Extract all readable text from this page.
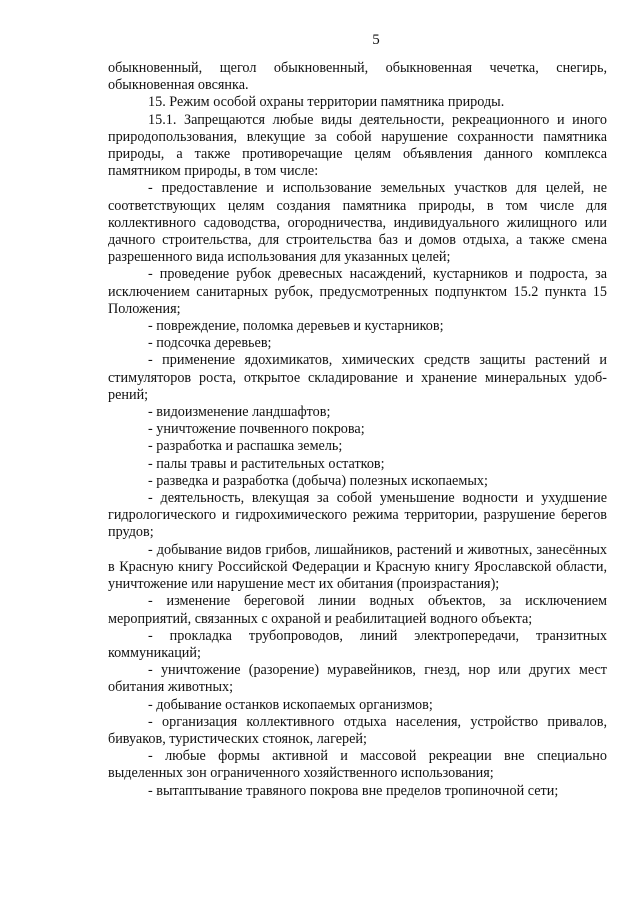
5

обыкновенный, щегол обыкновенный, обыкновенная чечетка, снегирь, обыкновенная овсянка.

15. Режим особой охраны территории памятника природы.

15.1. Запрещаются любые виды деятельности, рекреационного и иного природопользования, влекущие за собой нарушение сохранности памятника природы, а также противоречащие целям объявления данного комплекса памятником природы, в том числе:

- предоставление и использование земельных участков для целей, не соответствующих целям создания памятника природы, в том числе для коллективного садоводства, огородничества, индивидуального жилищного или дачного строительства, для строительства баз и домов отдыха, а также смена разрешенного вида использования для указанных целей;

- проведение рубок древесных насаждений, кустарников и подроста, за исключением санитарных рубок, предусмотренных подпунктом 15.2 пункта 15 Положения;

- повреждение, поломка деревьев и кустарников;

- подсочка деревьев;

- применение ядохимикатов, химических средств защиты растений и стимуляторов роста, открытое складирование и хранение минеральных удобрений;

- видоизменение ландшафтов;

- уничтожение почвенного покрова;

- разработка и распашка земель;

- палы травы и растительных остатков;

- разведка и разработка (добыча) полезных ископаемых;

- деятельность, влекущая за собой уменьшение водности и ухудшение гидрологического и гидрохимического режима территории, разрушение берегов прудов;

- добывание видов грибов, лишайников, растений и животных, занесённых в Красную книгу Российской Федерации и Красную книгу Ярославской области, уничтожение или нарушение мест их обитания (произрастания);

- изменение береговой линии водных объектов, за исключением мероприятий, связанных с охраной и реабилитацией водного объекта;

- прокладка трубопроводов, линий электропередачи, транзитных коммуникаций;

- уничтожение (разорение) муравейников, гнезд, нор или других мест обитания животных;

- добывание останков ископаемых организмов;

- организация коллективного отдыха населения, устройство привалов, бивуаков, туристических стоянок, лагерей;

- любые формы активной и массовой рекреации вне специально выделенных зон ограниченного хозяйственного использования;

- вытаптывание травяного покрова вне пределов тропиночной сети;
